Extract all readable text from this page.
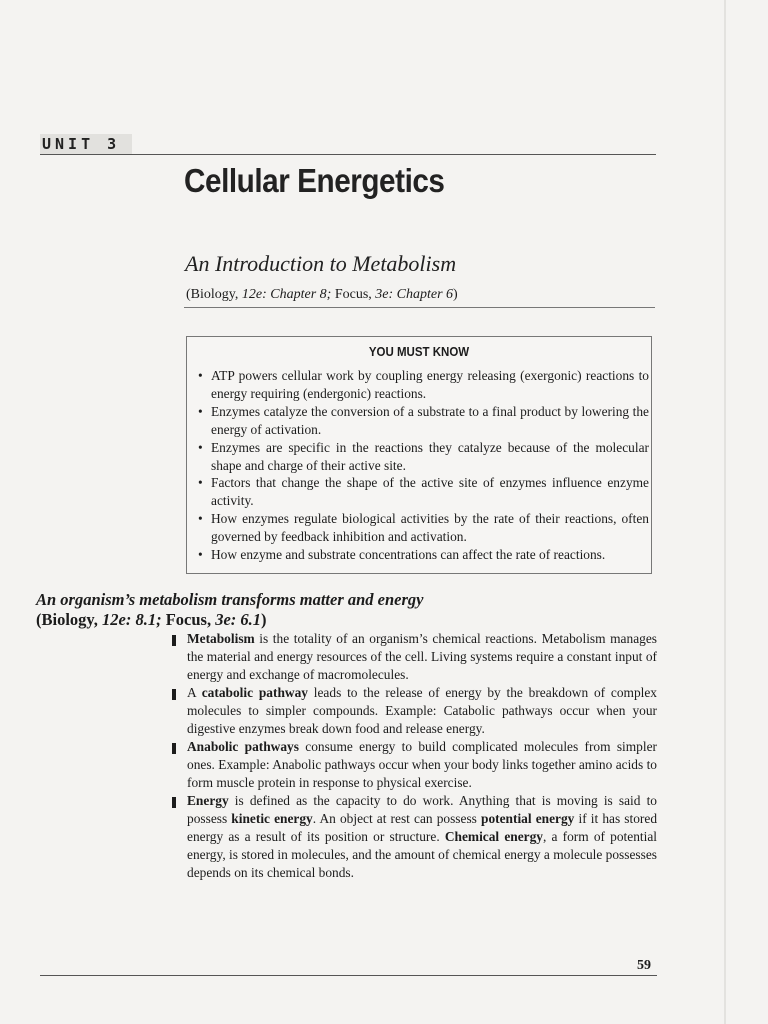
UNIT 3
Cellular Energetics
An Introduction to Metabolism
(Biology, 12e: Chapter 8; Focus, 3e: Chapter 6)
YOU MUST KNOW
• ATP powers cellular work by coupling energy releasing (exergonic) reactions to energy requiring (endergonic) reactions.
• Enzymes catalyze the conversion of a substrate to a final product by lowering the energy of activation.
• Enzymes are specific in the reactions they catalyze because of the molecular shape and charge of their active site.
• Factors that change the shape of the active site of enzymes influence enzyme activity.
• How enzymes regulate biological activities by the rate of their reactions, often governed by feedback inhibition and activation.
• How enzyme and substrate concentrations can affect the rate of reactions.
An organism’s metabolism transforms matter and energy
(Biology, 12e: 8.1; Focus, 3e: 6.1)
Metabolism is the totality of an organism’s chemical reactions. Metabolism manages the material and energy resources of the cell. Living systems require a constant input of energy and exchange of macromolecules.
A catabolic pathway leads to the release of energy by the breakdown of complex molecules to simpler compounds. Example: Catabolic pathways occur when your digestive enzymes break down food and release energy.
Anabolic pathways consume energy to build complicated molecules from simpler ones. Example: Anabolic pathways occur when your body links together amino acids to form muscle protein in response to physical exercise.
Energy is defined as the capacity to do work. Anything that is moving is said to possess kinetic energy. An object at rest can possess potential energy if it has stored energy as a result of its position or structure. Chemical energy, a form of potential energy, is stored in molecules, and the amount of chemical energy a molecule possesses depends on its chemical bonds.
59
